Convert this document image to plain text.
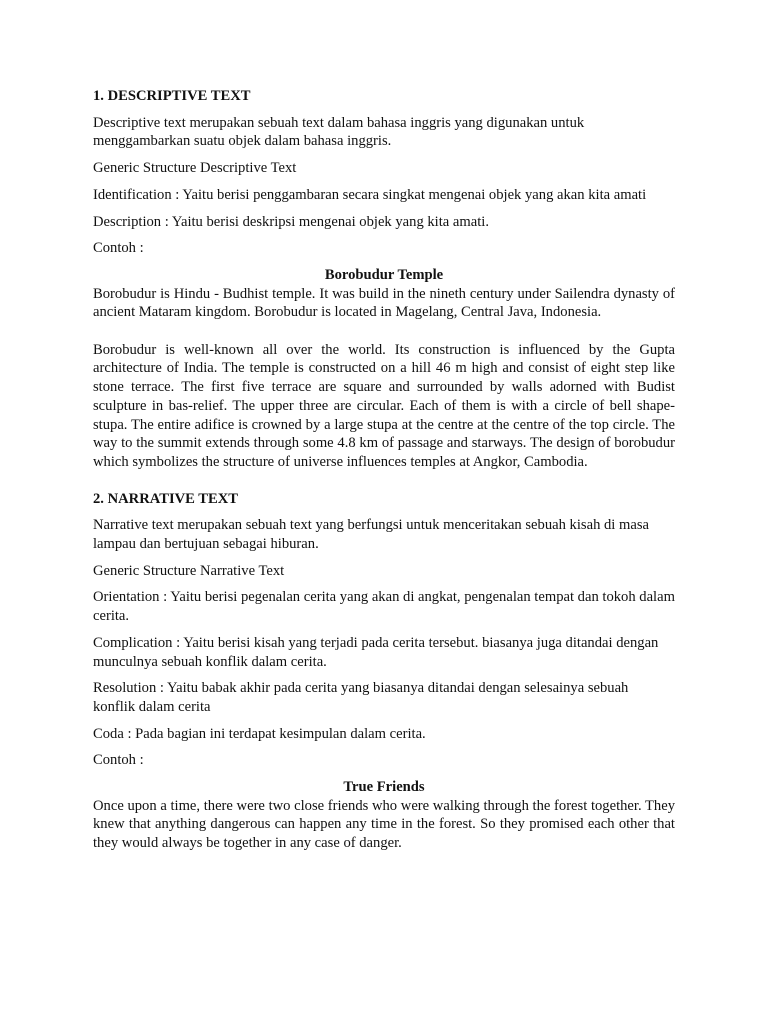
1. DESCRIPTIVE TEXT

Descriptive text merupakan sebuah text dalam bahasa inggris yang digunakan untuk menggambarkan suatu objek dalam bahasa inggris.

Generic Structure Descriptive Text

Identification : Yaitu berisi penggambaran secara singkat mengenai objek yang akan kita amati

Description : Yaitu berisi deskripsi mengenai objek yang kita amati.

Contoh :

Borobudur Temple

Borobudur is Hindu - Budhist temple. It was build in the nineth century under Sailendra dynasty of ancient Mataram kingdom. Borobudur is located in Magelang, Central Java, Indonesia.

Borobudur is well-known all over the world. Its construction is influenced by the Gupta architecture of India. The temple is constructed on a hill 46 m high and consist of eight step like stone terrace. The first five terrace are square and surrounded by walls adorned with Budist sculpture in bas-relief. The upper three are circular. Each of them is with a circle of bell shape-stupa. The entire adifice is crowned by a large stupa at the centre at the centre of the top circle. The way to the summit extends through some 4.8 km of passage and starways. The design of borobudur which symbolizes the structure of universe influences temples at Angkor, Cambodia.

2. NARRATIVE TEXT

Narrative text merupakan sebuah text yang berfungsi untuk menceritakan sebuah kisah di masa lampau dan bertujuan sebagai hiburan.

Generic Structure Narrative Text

Orientation : Yaitu berisi pegenalan cerita yang akan di angkat, pengenalan tempat dan tokoh dalam cerita.

Complication : Yaitu berisi kisah yang terjadi pada cerita tersebut. biasanya juga ditandai dengan munculnya sebuah konflik dalam cerita.

Resolution : Yaitu babak akhir pada cerita yang biasanya ditandai dengan selesainya sebuah konflik dalam cerita

Coda : Pada bagian ini terdapat kesimpulan dalam cerita.

Contoh :

True Friends

Once upon a time, there were two close friends who were walking through the forest together. They knew that anything dangerous can happen any time in the forest. So they promised each other that they would always be together in any case of danger.
